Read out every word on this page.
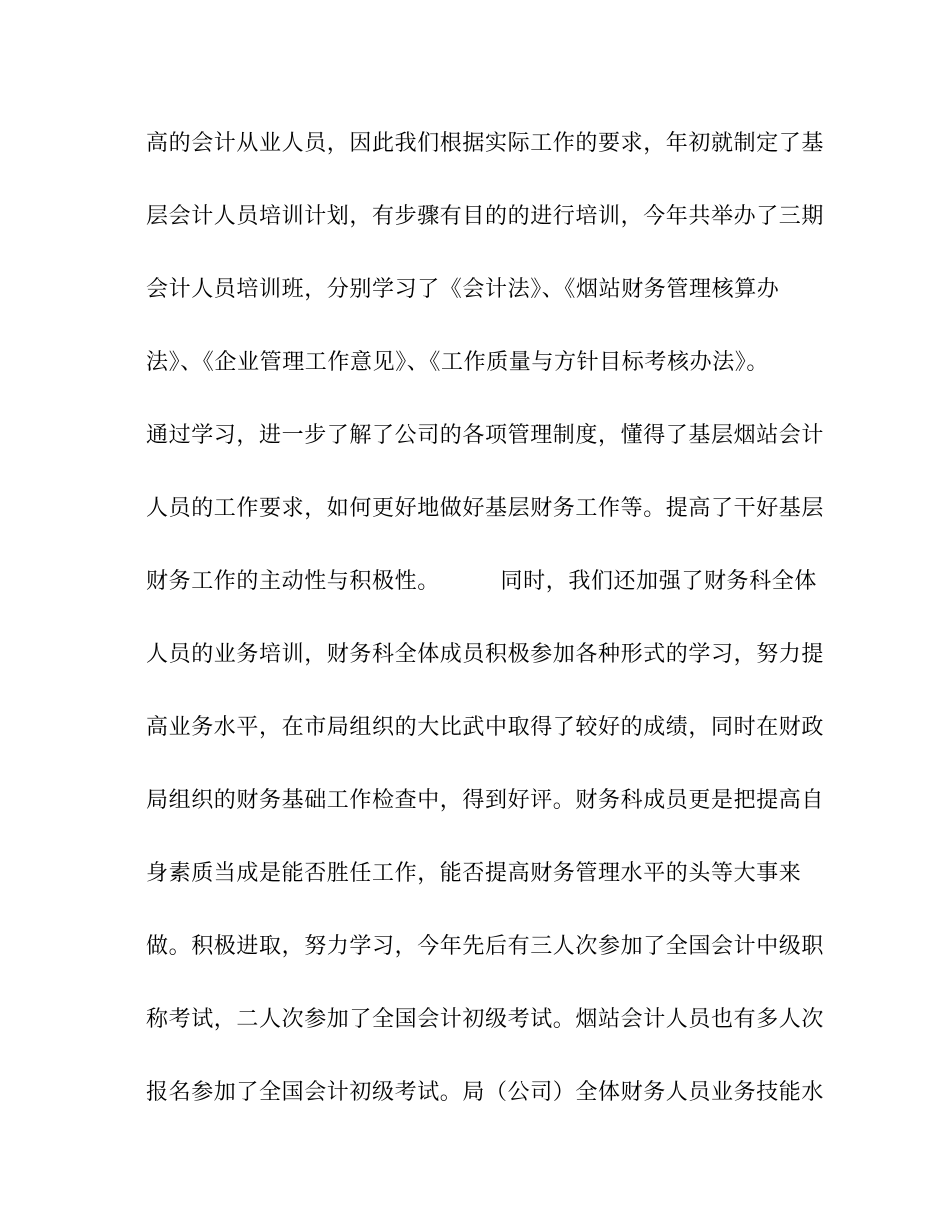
高的会计从业人员，因此我们根据实际工作的要求，年初就制定了基
层会计人员培训计划，有步骤有目的的进行培训，今年共举办了三期
会计人员培训班，分别学习了《会计法》、《烟站财务管理核算办
法》、《企业管理工作意见》、《工作质量与方针目标考核办法》。
通过学习，进一步了解了公司的各项管理制度，懂得了基层烟站会计
人员的工作要求，如何更好地做好基层财务工作等。提高了干好基层
财务工作的主动性与积极性。        同时，我们还加强了财务科全体
人员的业务培训，财务科全体成员积极参加各种形式的学习，努力提
高业务水平，在市局组织的大比武中取得了较好的成绩，同时在财政
局组织的财务基础工作检查中，得到好评。财务科成员更是把提高自
身素质当成是能否胜任工作，能否提高财务管理水平的头等大事来
做。积极进取，努力学习，今年先后有三人次参加了全国会计中级职
称考试，二人次参加了全国会计初级考试。烟站会计人员也有多人次
报名参加了全国会计初级考试。局（公司）全体财务人员业务技能水
